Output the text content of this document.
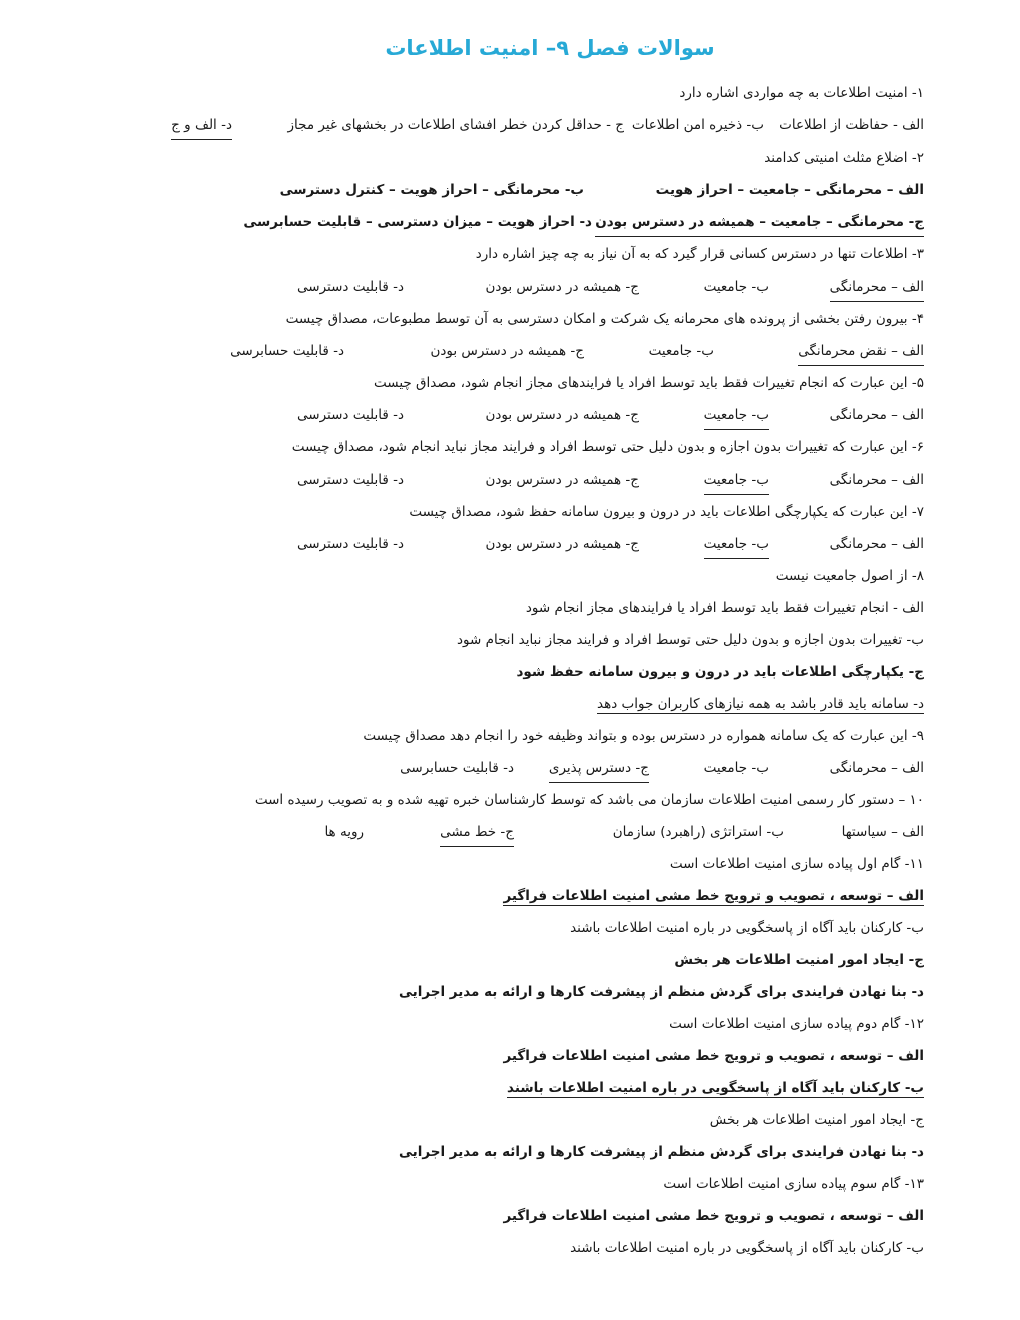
سوالات فصل ۹– امنیت اطلاعات
۱- امنیت اطلاعات به چه مواردی اشاره دارد
الف - حفاظت از اطلاعات
ب- ذخیره امن اطلاعات
ج - حداقل کردن خطر افشای اطلاعات در بخشهای غیر مجاز
د- الف و ج
۲- اضلاع مثلث امنیتی کدامند
الف – محرمانگی – جامعیت – احراز هویت
ب- محرمانگی – احراز هویت – کنترل دسترسی
ج- محرمانگی – جامعیت – همیشه در دسترس بودن
د- احراز هویت – میزان دسترسی – قابلیت حسابرسی
۳- اطلاعات تنها در دسترس کسانی قرار گیرد که به آن نیاز به چه چیز اشاره دارد
الف – محرمانگی
ب- جامعیت
ج- همیشه در دسترس بودن
د- قابلیت دسترسی
۴- بیرون رفتن بخشی از پرونده های محرمانه یک شرکت و امکان دسترسی به آن توسط مطبوعات، مصداق چیست
الف – نقض محرمانگی
ب- جامعیت
ج- همیشه در دسترس بودن
د- قابلیت حسابرسی
۵- این عبارت که انجام تغییرات فقط باید توسط افراد یا فرایندهای مجاز انجام شود، مصداق چیست
الف – محرمانگی
ب- جامعیت
ج- همیشه در دسترس بودن
د- قابلیت دسترسی
۶- این عبارت که تغییرات بدون اجازه و بدون دلیل حتی توسط افراد و فرایند مجاز نباید انجام شود، مصداق چیست
الف – محرمانگی
ب- جامعیت
ج- همیشه در دسترس بودن
د- قابلیت دسترسی
۷- این عبارت که یکپارچگی اطلاعات باید در درون و بیرون سامانه حفظ شود، مصداق چیست
الف – محرمانگی
ب- جامعیت
ج- همیشه در دسترس بودن
د- قابلیت دسترسی
۸- از اصول جامعیت نیست
الف - انجام تغییرات فقط باید توسط افراد یا فرایندهای مجاز انجام شود
ب- تغییرات بدون اجازه و بدون دلیل حتی توسط افراد و فرایند مجاز نباید انجام شود
ج- یکپارچگی اطلاعات باید در درون و بیرون سامانه حفظ شود
د- سامانه باید قادر باشد به همه نیازهای کاربران جواب دهد
۹- این عبارت که یک سامانه همواره در دسترس بوده و بتواند وظیفه خود را انجام دهد مصداق چیست
الف – محرمانگی
ب- جامعیت
ج- دسترس پذیری
د- قابلیت حسابرسی
۱۰ – دستور کار رسمی امنیت اطلاعات سازمان می باشد که توسط کارشناسان خبره تهیه شده و به تصویب رسیده است
الف – سیاستها
ب- استراتژی (راهبرد) سازمان
ج- خط مشی
رویه ها
۱۱- گام اول پیاده سازی امنیت اطلاعات است
الف – توسعه ، تصویب و ترویج خط مشی امنیت اطلاعات فراگیر
ب- کارکنان باید آگاه از پاسخگویی در باره امنیت اطلاعات باشند
ج- ایجاد امور امنیت اطلاعات هر بخش
د- بنا نهادن فرایندی برای گردش منظم از پیشرفت کارها و ارائه به مدیر اجرایی
۱۲- گام دوم پیاده سازی امنیت اطلاعات است
الف – توسعه ، تصویب و ترویج خط مشی امنیت اطلاعات فراگیر
ب- کارکنان باید آگاه از پاسخگویی در باره امنیت اطلاعات باشند
ج- ایجاد امور امنیت اطلاعات هر بخش
د- بنا نهادن فرایندی برای گردش منظم از پیشرفت کارها و ارائه به مدیر اجرایی
۱۳- گام سوم پیاده سازی امنیت اطلاعات است
الف – توسعه ، تصویب و ترویج خط مشی امنیت اطلاعات فراگیر
ب- کارکنان باید آگاه از پاسخگویی در باره امنیت اطلاعات باشند
